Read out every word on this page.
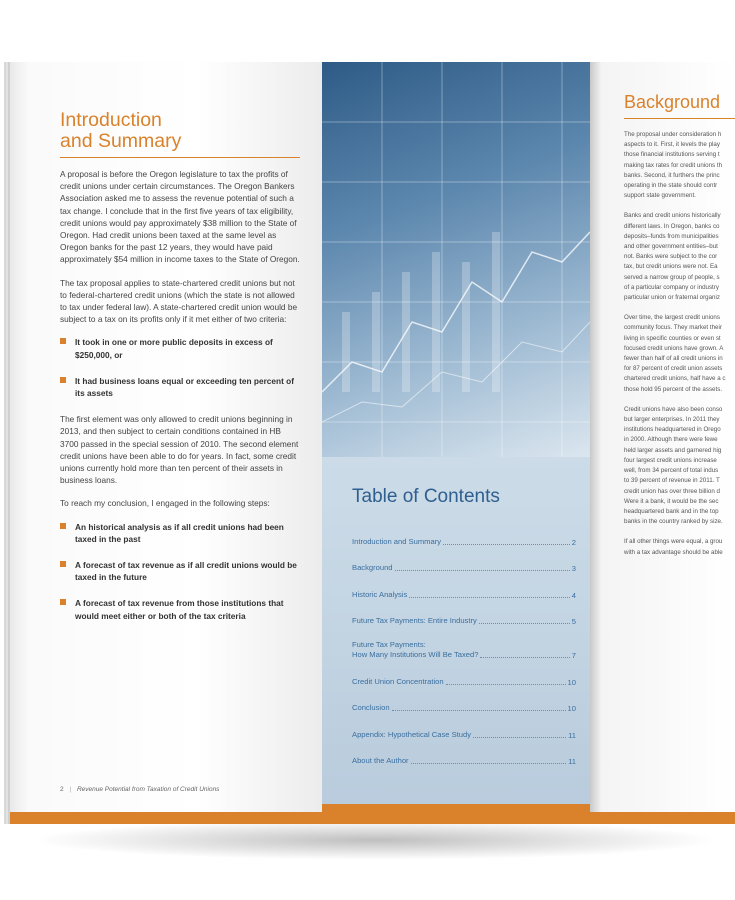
Introduction
and Summary

A proposal is before the Oregon legislature to tax the profits of credit unions under certain circumstances. The Oregon Bankers Association asked me to assess the revenue potential of such a tax change. I conclude that in the first five years of tax eligibility, credit unions would pay approximately $38 million to the State of Oregon. Had credit unions been taxed at the same level as Oregon banks for the past 12 years, they would have paid approximately $54 million in income taxes to the State of Oregon.

The tax proposal applies to state-chartered credit unions but not to federal-chartered credit unions (which the state is not allowed to tax under federal law). A state-chartered credit union would be subject to a tax on its profits only if it met either of two criteria:

It took in one or more public deposits in excess of $250,000, or
It had business loans equal or exceeding ten percent of its assets

The first element was only allowed to credit unions beginning in 2013, and then subject to certain conditions contained in HB 3700 passed in the special session of 2010. The second element credit unions have been able to do for years. In fact, some credit unions currently hold more than ten percent of their assets in business loans.

To reach my conclusion, I engaged in the following steps:

An historical analysis as if all credit unions had been taxed in the past
A forecast of tax revenue as if all credit unions would be taxed in the future
A forecast of tax revenue from those institutions that would meet either or both of the tax criteria
2 | Revenue Potential from Taxation of Credit Unions
Table of Contents
Introduction and Summary	2
Background	3
Historic Analysis	4
Future Tax Payments: Entire Industry	5
Future Tax Payments:
How Many Institutions Will Be Taxed?	7
Credit Union Concentration	10
Conclusion	10
Appendix: Hypothetical Case Study	11
About the Author	11
Background

The proposal under consideration h
aspects to it. First, it levels the play
those financial institutions serving t
making tax rates for credit unions th
banks. Second, it furthers the princ
operating in the state should contr
support state government.

Banks and credit unions historically
different laws. In Oregon, banks co
deposits–funds from municipalities
and other government entities–but
not. Banks were subject to the cor
tax, but credit unions were not. Ea
served a narrow group of people, s
of a particular company or industry
particular union or fraternal organiz

Over time, the largest credit unions
community focus. They market their
living in specific counties or even st
focused credit unions have grown. A
fewer than half of all credit unions in
for 87 percent of credit union assets
chartered credit unions, half have a c
those hold 95 percent of the assets.

Credit unions have also been conso
but larger enterprises. In 2011 they
institutions headquartered in Orego
in 2000. Although there were fewe
held larger assets and garnered hig
four largest credit unions increase
well, from 34 percent of total indus
to 39 percent of revenue in 2011. T
credit union has over three billion d
Were it a bank, it would be the sec
headquartered bank and in the top
banks in the country ranked by size.

If all other things were equal, a grou
with a tax advantage should be able
